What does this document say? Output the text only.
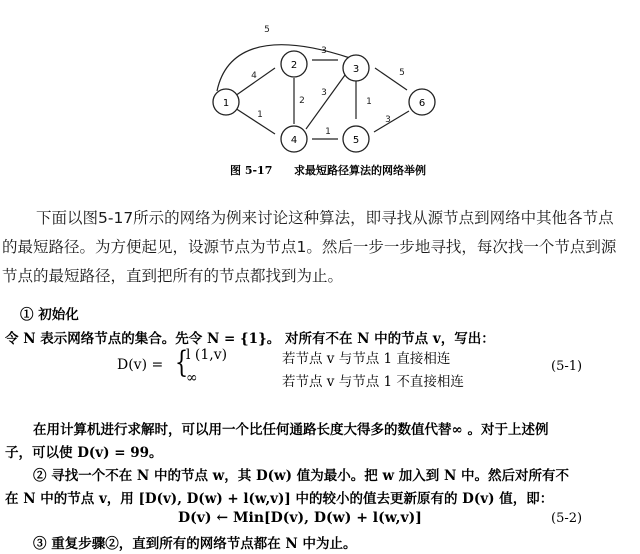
5
4
1
3
2
3
1
5
1
3
1
2	3
4	5
6
图 5-17 求最短路径算法的网络举例
下面以图5-17所示的网络为例来讨论这种算法，即寻找从源节点到网络中其他各节点
的最短路径。为方便起见，设源节点为节点1。然后一步一步地寻找，每次找一个节点到源
节点的最短路径，直到把所有的节点都找到为止。
① 初始化
令 N 表示网络节点的集合。先令 N = {1}。 对所有不在 N 中的节点 v，写出：
D(v) = {
l (1,v)
∞
若节点 v 与节点 1 直接相连
若节点 v 与节点 1 不直接相连
(5-1)
在用计算机进行求解时，可以用一个比任何通路长度大得多的数值代替∞ 。对于上述例
子，可以使 D(v) = 99。
② 寻找一个不在 N 中的节点 w，其 D(w) 值为最小。把 w 加入到 N 中。然后对所有不
在 N 中的节点 v，用 [D(v), D(w) + l(w,v)] 中的较小的值去更新原有的 D(v) 值，即：
D(v) ← Min[D(v), D(w) + l(w,v)]	(5-2)
③ 重复步骤②，直到所有的网络节点都在 N 中为止。
